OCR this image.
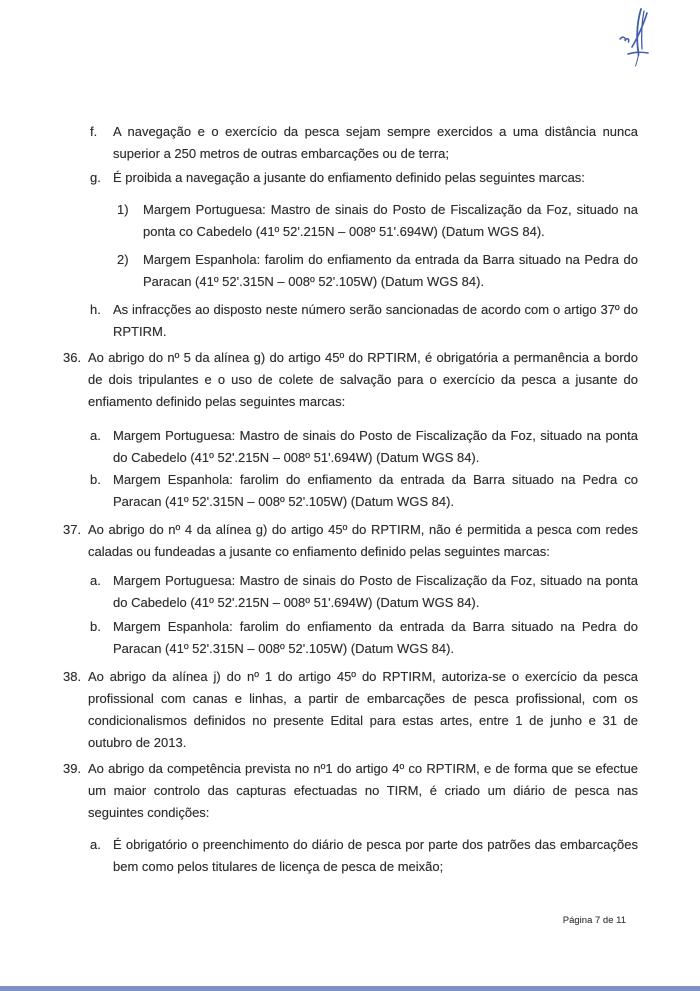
f.	A navegação e o exercício da pesca sejam sempre exercidos a uma distância nunca superior a 250 metros de outras embarcações ou de terra;
g. É proibida a navegação a jusante do enfiamento definido pelas seguintes marcas:
1)	Margem Portuguesa: Mastro de sinais do Posto de Fiscalização da Foz, situado na ponta co Cabedelo (41º 52'.215N – 008º 51'.694W) (Datum WGS 84).
2)	Margem Espanhola: farolim do enfiamento da entrada da Barra situado na Pedra do Paracan (41º 52'.315N – 008º 52'.105W) (Datum WGS 84).
h. As infracções ao disposto neste número serão sancionadas de acordo com o artigo 37º do RPTIRM.
36. Ao abrigo do nº 5 da alínea g) do artigo 45º do RPTIRM, é obrigatória a permanência a bordo de dois tripulantes e o uso de colete de salvação para o exercício da pesca a jusante do enfiamento definido pelas seguintes marcas:
a. Margem Portuguesa: Mastro de sinais do Posto de Fiscalização da Foz, situado na ponta do Cabedelo (41º 52'.215N – 008º 51'.694W) (Datum WGS 84).
b. Margem Espanhola: farolim do enfiamento da entrada da Barra situado na Pedra co Paracan (41º 52'.315N – 008º 52'.105W) (Datum WGS 84).
37. Ao abrigo do nº 4 da alínea g) do artigo 45º do RPTIRM, não é permitida a pesca com redes caladas ou fundeadas a jusante co enfiamento definido pelas seguintes marcas:
a. Margem Portuguesa: Mastro de sinais do Posto de Fiscalização da Foz, situado na ponta do Cabedelo (41º 52'.215N – 008º 51'.694W) (Datum WGS 84).
b. Margem Espanhola: farolim do enfiamento da entrada da Barra situado na Pedra do Paracan (41º 52'.315N – 008º 52'.105W) (Datum WGS 84).
38. Ao abrigo da alínea j) do nº 1 do artigo 45º do RPTIRM, autoriza-se o exercício da pesca profissional com canas e linhas, a partir de embarcações de pesca profissional, com os condicionalismos definidos no presente Edital para estas artes, entre 1 de junho e 31 de outubro de 2013.
39. Ao abrigo da competência prevista no nº1 do artigo 4º co RPTIRM, e de forma que se efectue um maior controlo das capturas efectuadas no TIRM, é criado um diário de pesca nas seguintes condições:
a. É obrigatório o preenchimento do diário de pesca por parte dos patrões das embarcações bem como pelos titulares de licença de pesca de meixão;
Página 7 de 11
